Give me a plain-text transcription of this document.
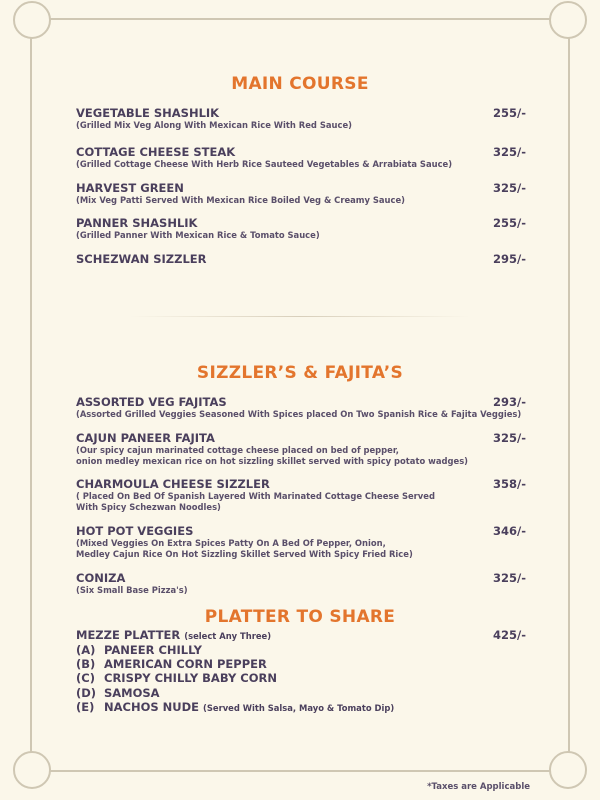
MAIN COURSE
VEGETABLE SHASHLIK
(Grilled Mix Veg Along With Mexican Rice With Red Sauce)
255/-
COTTAGE CHEESE STEAK
(Grilled Cottage Cheese With Herb Rice Sauteed Vegetables & Arrabiata Sauce)
325/-
HARVEST GREEN
(Mix Veg Patti Served With Mexican Rice Boiled Veg & Creamy Sauce)
325/-
PANNER SHASHLIK
(Grilled Panner With Mexican Rice & Tomato Sauce)
255/-
SCHEZWAN SIZZLER	295/-
SIZZLER’S & FAJITA’S
ASSORTED VEG FAJITAS
(Assorted Grilled Veggies Seasoned With Spices placed On Two Spanish Rice & Fajita Veggies)
293/-
CAJUN PANEER FAJITA
(Our spicy cajun marinated cottage cheese placed on bed of pepper,
onion medley mexican rice on hot sizzling skillet served with spicy potato wadges)
325/-
CHARMOULA CHEESE SIZZLER
( Placed On Bed Of Spanish Layered With Marinated Cottage Cheese Served
With Spicy Schezwan Noodles)
358/-
HOT POT VEGGIES
(Mixed Veggies On Extra Spices Patty On A Bed Of Pepper, Onion,
Medley Cajun Rice On Hot Sizzling Skillet Served With Spicy Fried Rice)
346/-
CONIZA
(Six Small Base Pizza's)
325/-
PLATTER TO SHARE
MEZZE PLATTER (select Any Three)	425/-
(A) PANEER CHILLY
(B) AMERICAN CORN PEPPER
(C) CRISPY CHILLY BABY CORN
(D) SAMOSA
(E) NACHOS NUDE (Served With Salsa, Mayo & Tomato Dip)
*Taxes are Applicable
